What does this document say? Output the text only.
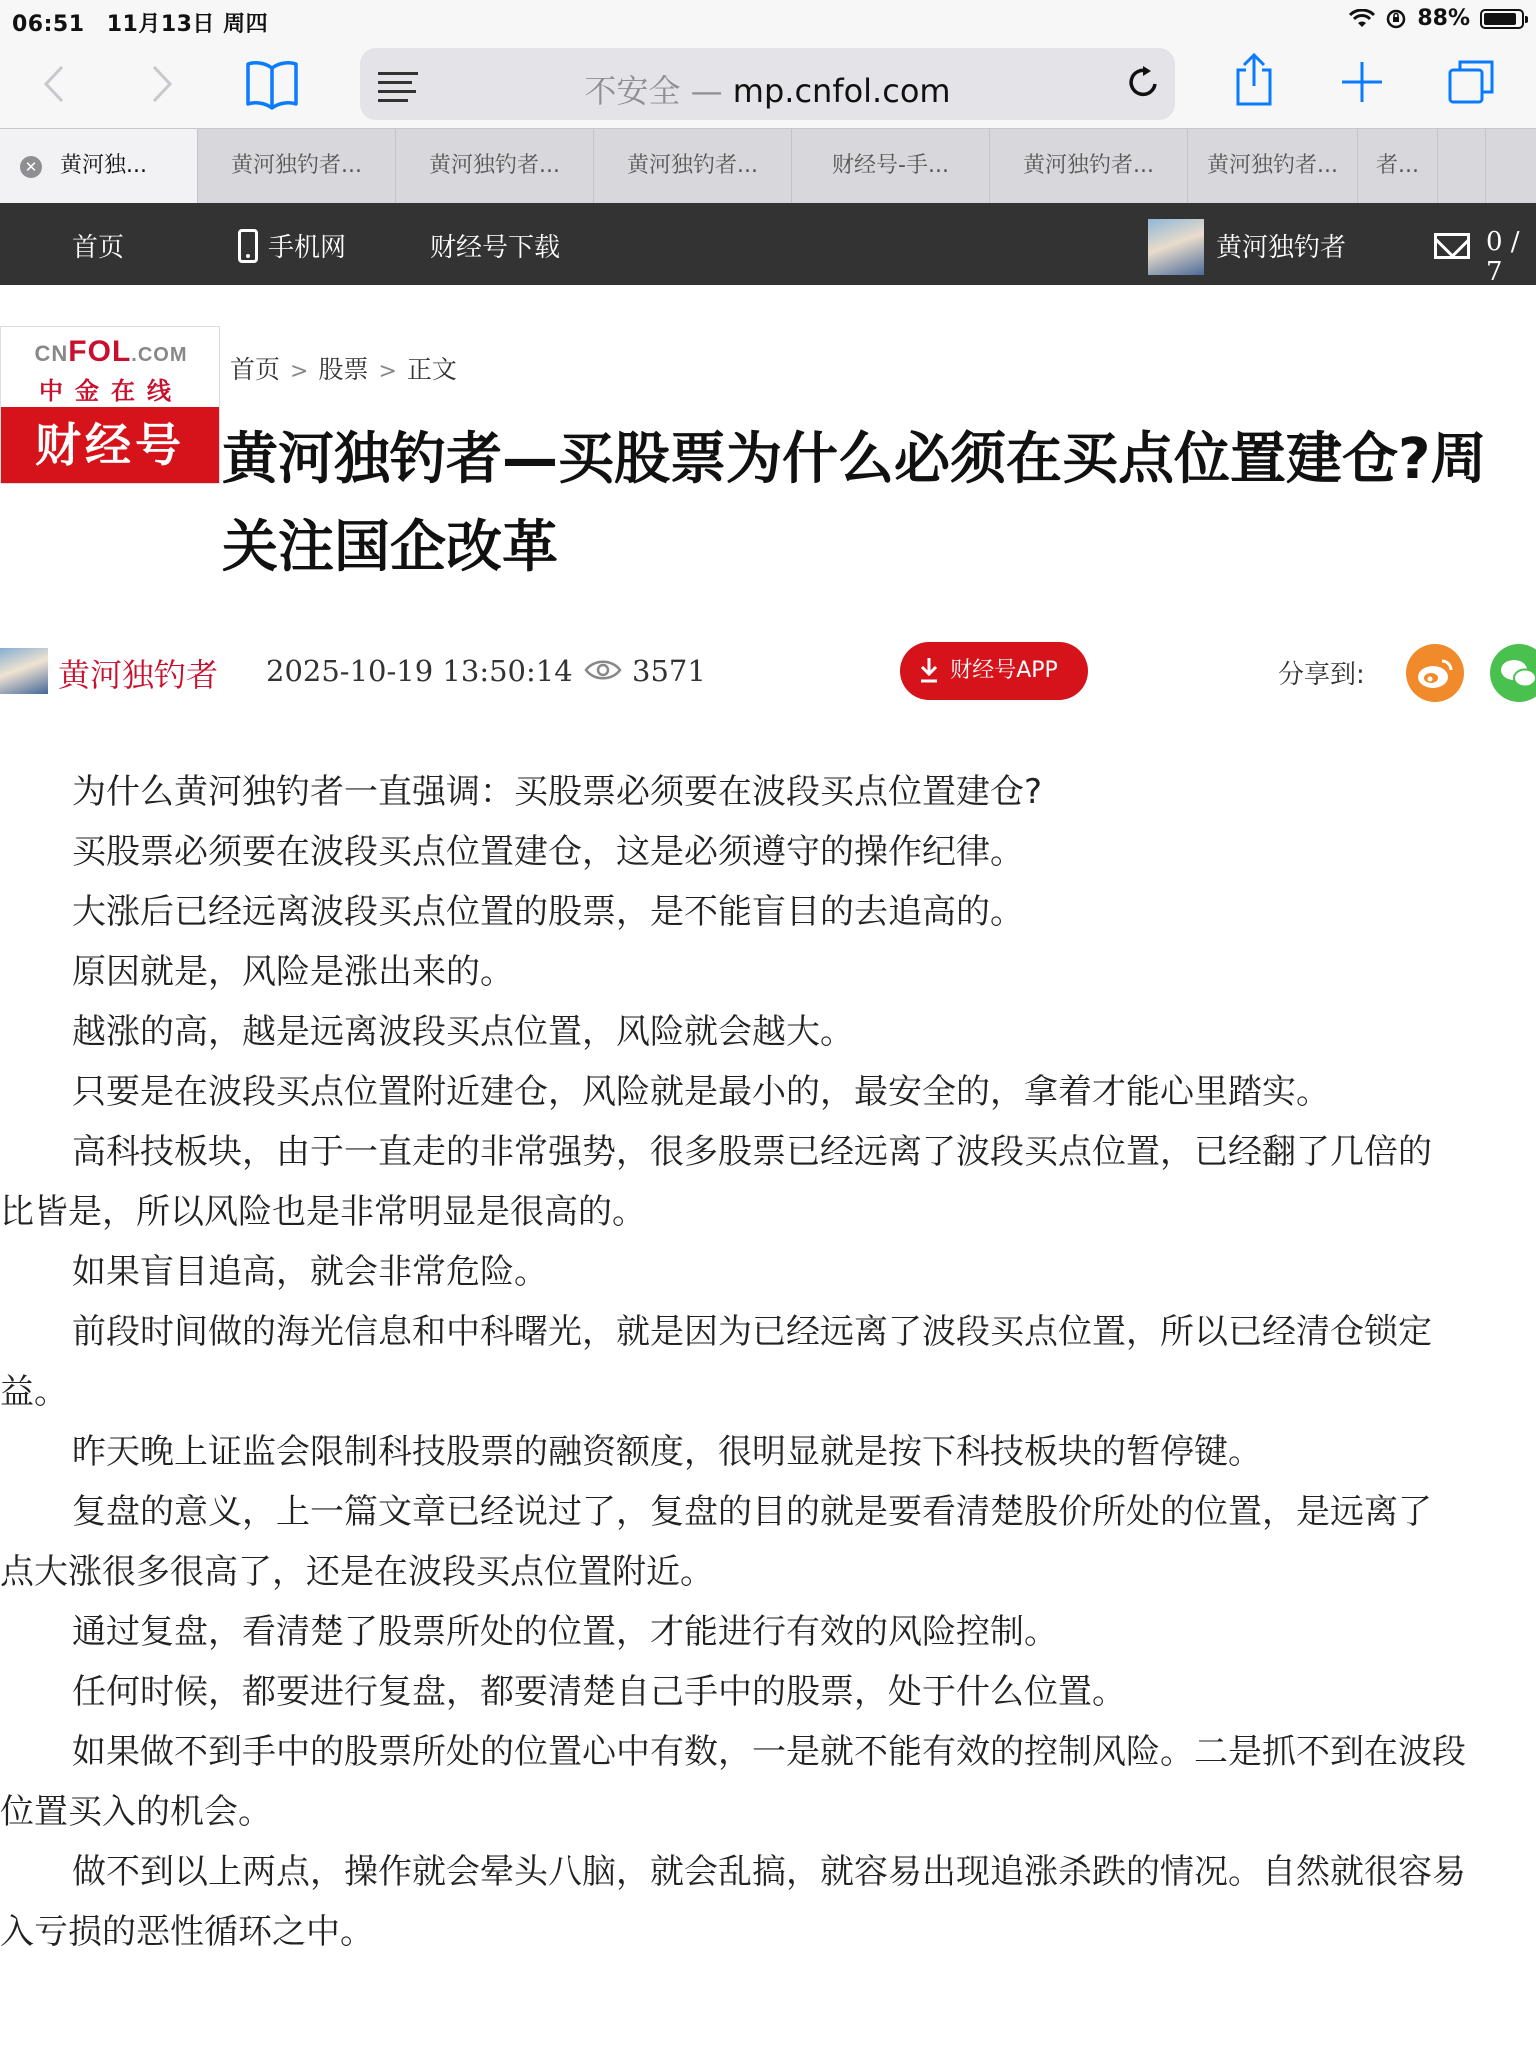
06:51 11月13日 周四	88%
不安全 — mp.cnfol.com
✕ 黄河独...	黄河独钓者...	黄河独钓者...	黄河独钓者...	财经号-手...	黄河独钓者...	黄河独钓者...	者...
首页	手机网	财经号下载	黄河独钓者	0 / 7
CNFOL.COM
中金在线
财经号
首页 > 股票 > 正文
黄河独钓者—买股票为什么必须在买点位置建仓?周关注国企改革
黄河独钓者 2025-10-19 13:50:14 3571	财经号APP	分享到:

为什么黄河独钓者一直强调：买股票必须要在波段买点位置建仓?

买股票必须要在波段买点位置建仓，这是必须遵守的操作纪律。

大涨后已经远离波段买点位置的股票，是不能盲目的去追高的。

原因就是，风险是涨出来的。

越涨的高，越是远离波段买点位置，风险就会越大。

只要是在波段买点位置附近建仓，风险就是最小的，最安全的，拿着才能心里踏实。

高科技板块，由于一直走的非常强势，很多股票已经远离了波段买点位置，已经翻了几倍的

比皆是，所以风险也是非常明显是很高的。

如果盲目追高，就会非常危险。

前段时间做的海光信息和中科曙光，就是因为已经远离了波段买点位置，所以已经清仓锁定

益。

昨天晚上证监会限制科技股票的融资额度，很明显就是按下科技板块的暂停键。

复盘的意义，上一篇文章已经说过了，复盘的目的就是要看清楚股价所处的位置，是远离了

点大涨很多很高了，还是在波段买点位置附近。

通过复盘，看清楚了股票所处的位置，才能进行有效的风险控制。

任何时候，都要进行复盘，都要清楚自己手中的股票，处于什么位置。

如果做不到手中的股票所处的位置心中有数，一是就不能有效的控制风险。二是抓不到在波段

位置买入的机会。

做不到以上两点，操作就会晕头八脑，就会乱搞，就容易出现追涨杀跌的情况。自然就很容易

入亏损的恶性循环之中。
